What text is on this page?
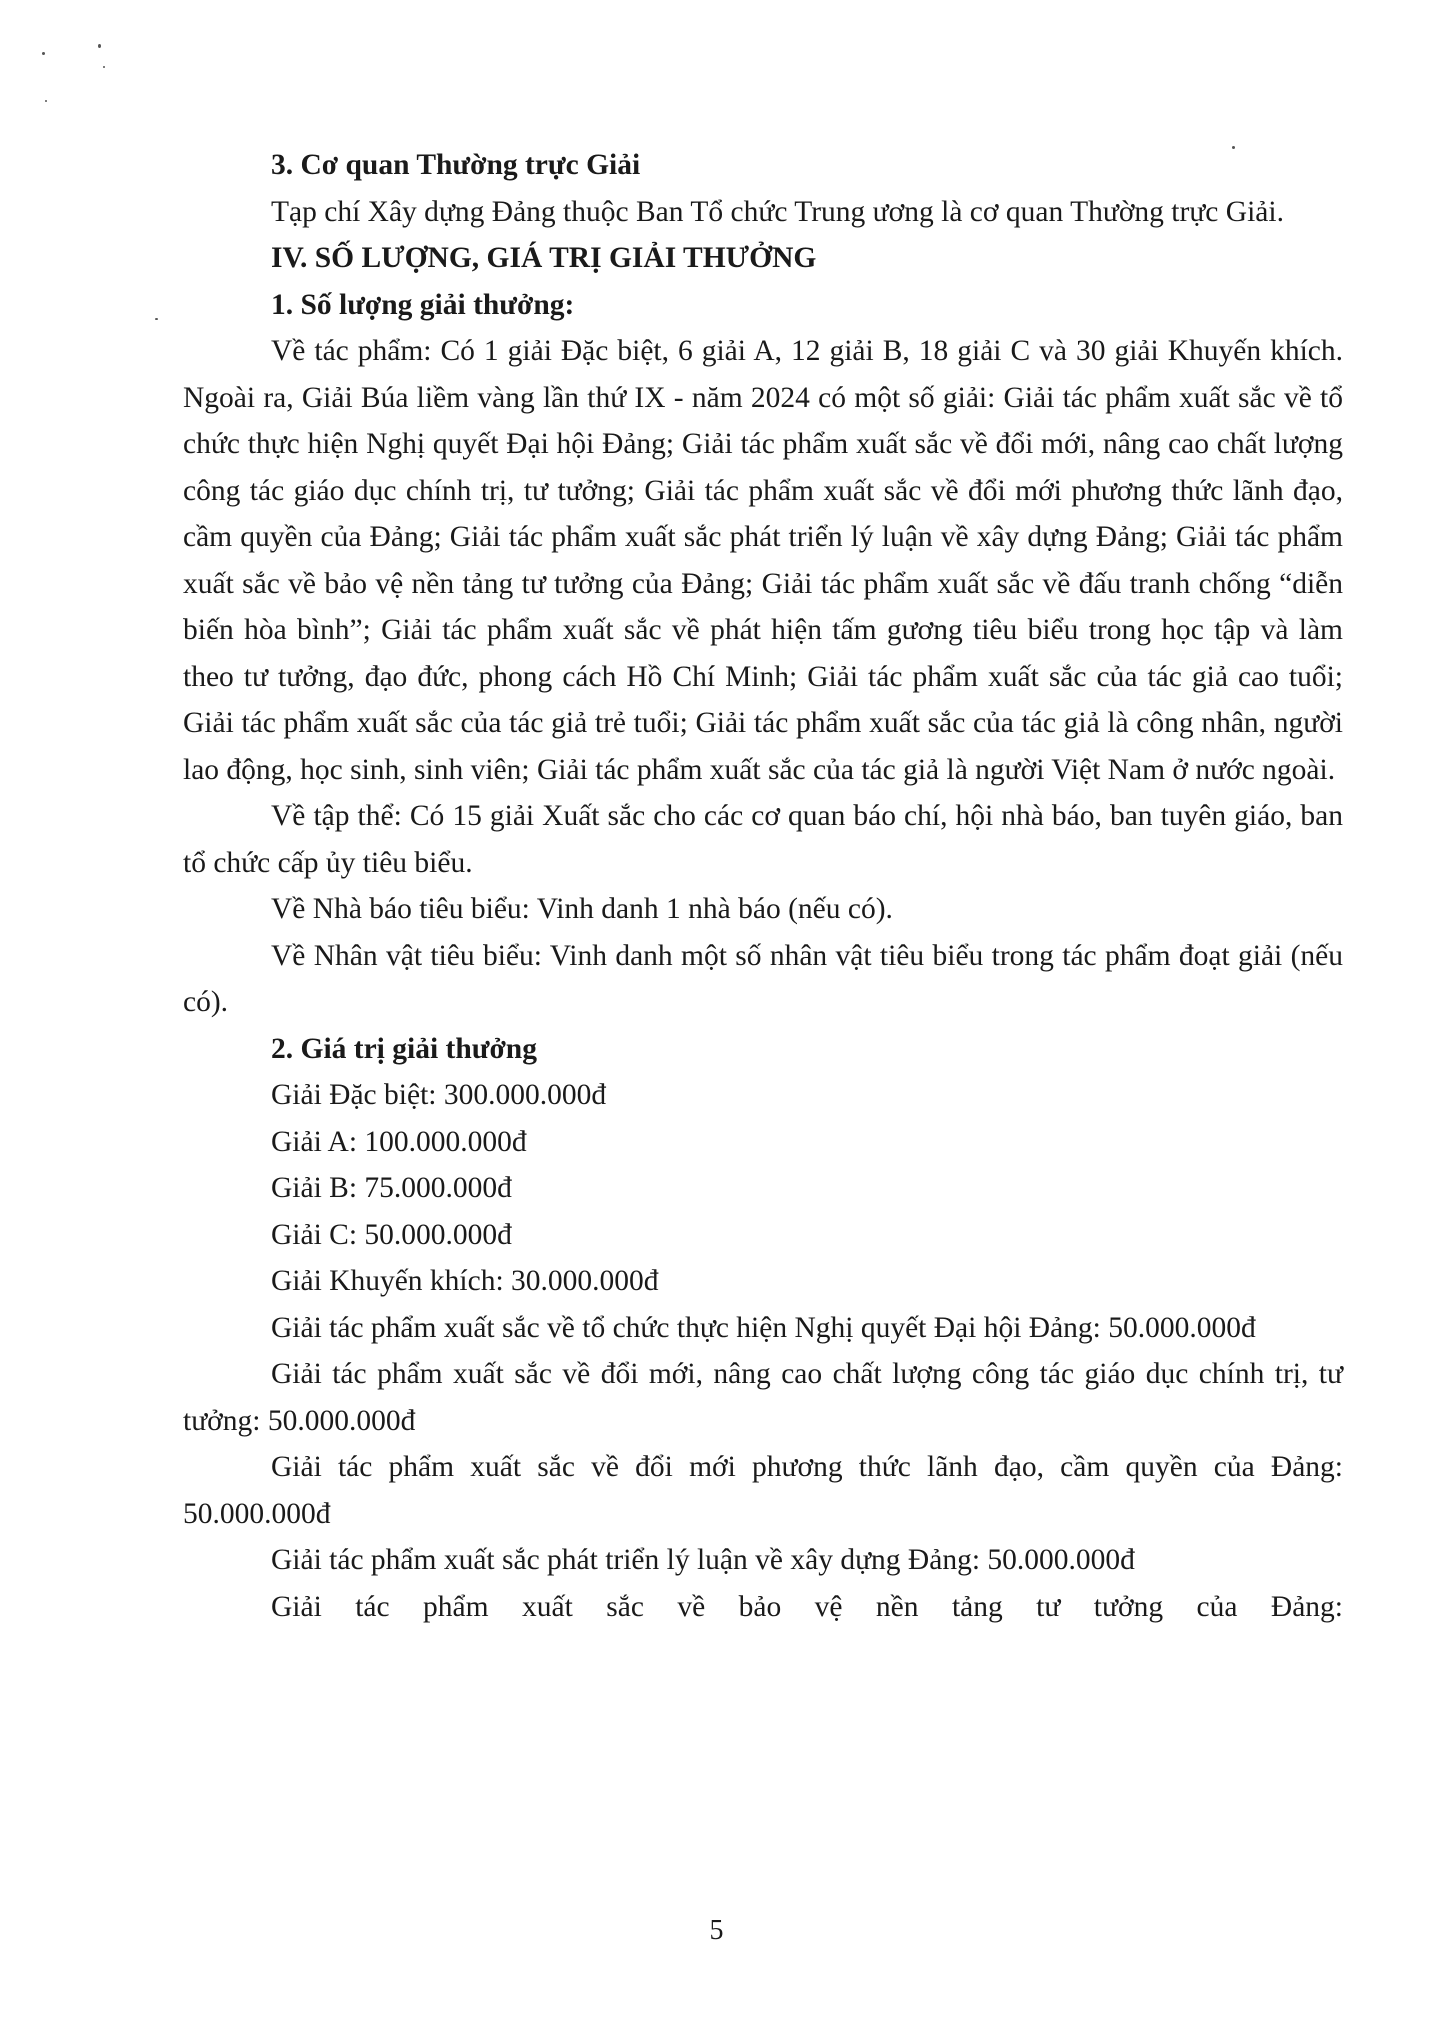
3. Cơ quan Thường trực Giải

Tạp chí Xây dựng Đảng thuộc Ban Tổ chức Trung ương là cơ quan Thường trực Giải.

IV. SỐ LƯỢNG, GIÁ TRỊ GIẢI THƯỞNG

1. Số lượng giải thưởng:

Về tác phẩm: Có 1 giải Đặc biệt, 6 giải A, 12 giải B, 18 giải C và 30 giải Khuyến khích. Ngoài ra, Giải Búa liềm vàng lần thứ IX - năm 2024 có một số giải: Giải tác phẩm xuất sắc về tổ chức thực hiện Nghị quyết Đại hội Đảng; Giải tác phẩm xuất sắc về đổi mới, nâng cao chất lượng công tác giáo dục chính trị, tư tưởng; Giải tác phẩm xuất sắc về đổi mới phương thức lãnh đạo, cầm quyền của Đảng; Giải tác phẩm xuất sắc phát triển lý luận về xây dựng Đảng; Giải tác phẩm xuất sắc về bảo vệ nền tảng tư tưởng của Đảng; Giải tác phẩm xuất sắc về đấu tranh chống “diễn biến hòa bình”; Giải tác phẩm xuất sắc về phát hiện tấm gương tiêu biểu trong học tập và làm theo tư tưởng, đạo đức, phong cách Hồ Chí Minh; Giải tác phẩm xuất sắc của tác giả cao tuổi; Giải tác phẩm xuất sắc của tác giả trẻ tuổi; Giải tác phẩm xuất sắc của tác giả là công nhân, người lao động, học sinh, sinh viên; Giải tác phẩm xuất sắc của tác giả là người Việt Nam ở nước ngoài.

Về tập thể: Có 15 giải Xuất sắc cho các cơ quan báo chí, hội nhà báo, ban tuyên giáo, ban tổ chức cấp ủy tiêu biểu.

Về Nhà báo tiêu biểu: Vinh danh 1 nhà báo (nếu có).

Về Nhân vật tiêu biểu: Vinh danh một số nhân vật tiêu biểu trong tác phẩm đoạt giải (nếu có).

2. Giá trị giải thưởng

Giải Đặc biệt: 300.000.000đ

Giải A: 100.000.000đ

Giải B: 75.000.000đ

Giải C: 50.000.000đ

Giải Khuyến khích: 30.000.000đ

Giải tác phẩm xuất sắc về tổ chức thực hiện Nghị quyết Đại hội Đảng: 50.000.000đ

Giải tác phẩm xuất sắc về đổi mới, nâng cao chất lượng công tác giáo dục chính trị, tư tưởng: 50.000.000đ

Giải tác phẩm xuất sắc về đổi mới phương thức lãnh đạo, cầm quyền của Đảng: 50.000.000đ

Giải tác phẩm xuất sắc phát triển lý luận về xây dựng Đảng: 50.000.000đ

Giải tác phẩm xuất sắc về bảo vệ nền tảng tư tưởng của Đảng:

5
